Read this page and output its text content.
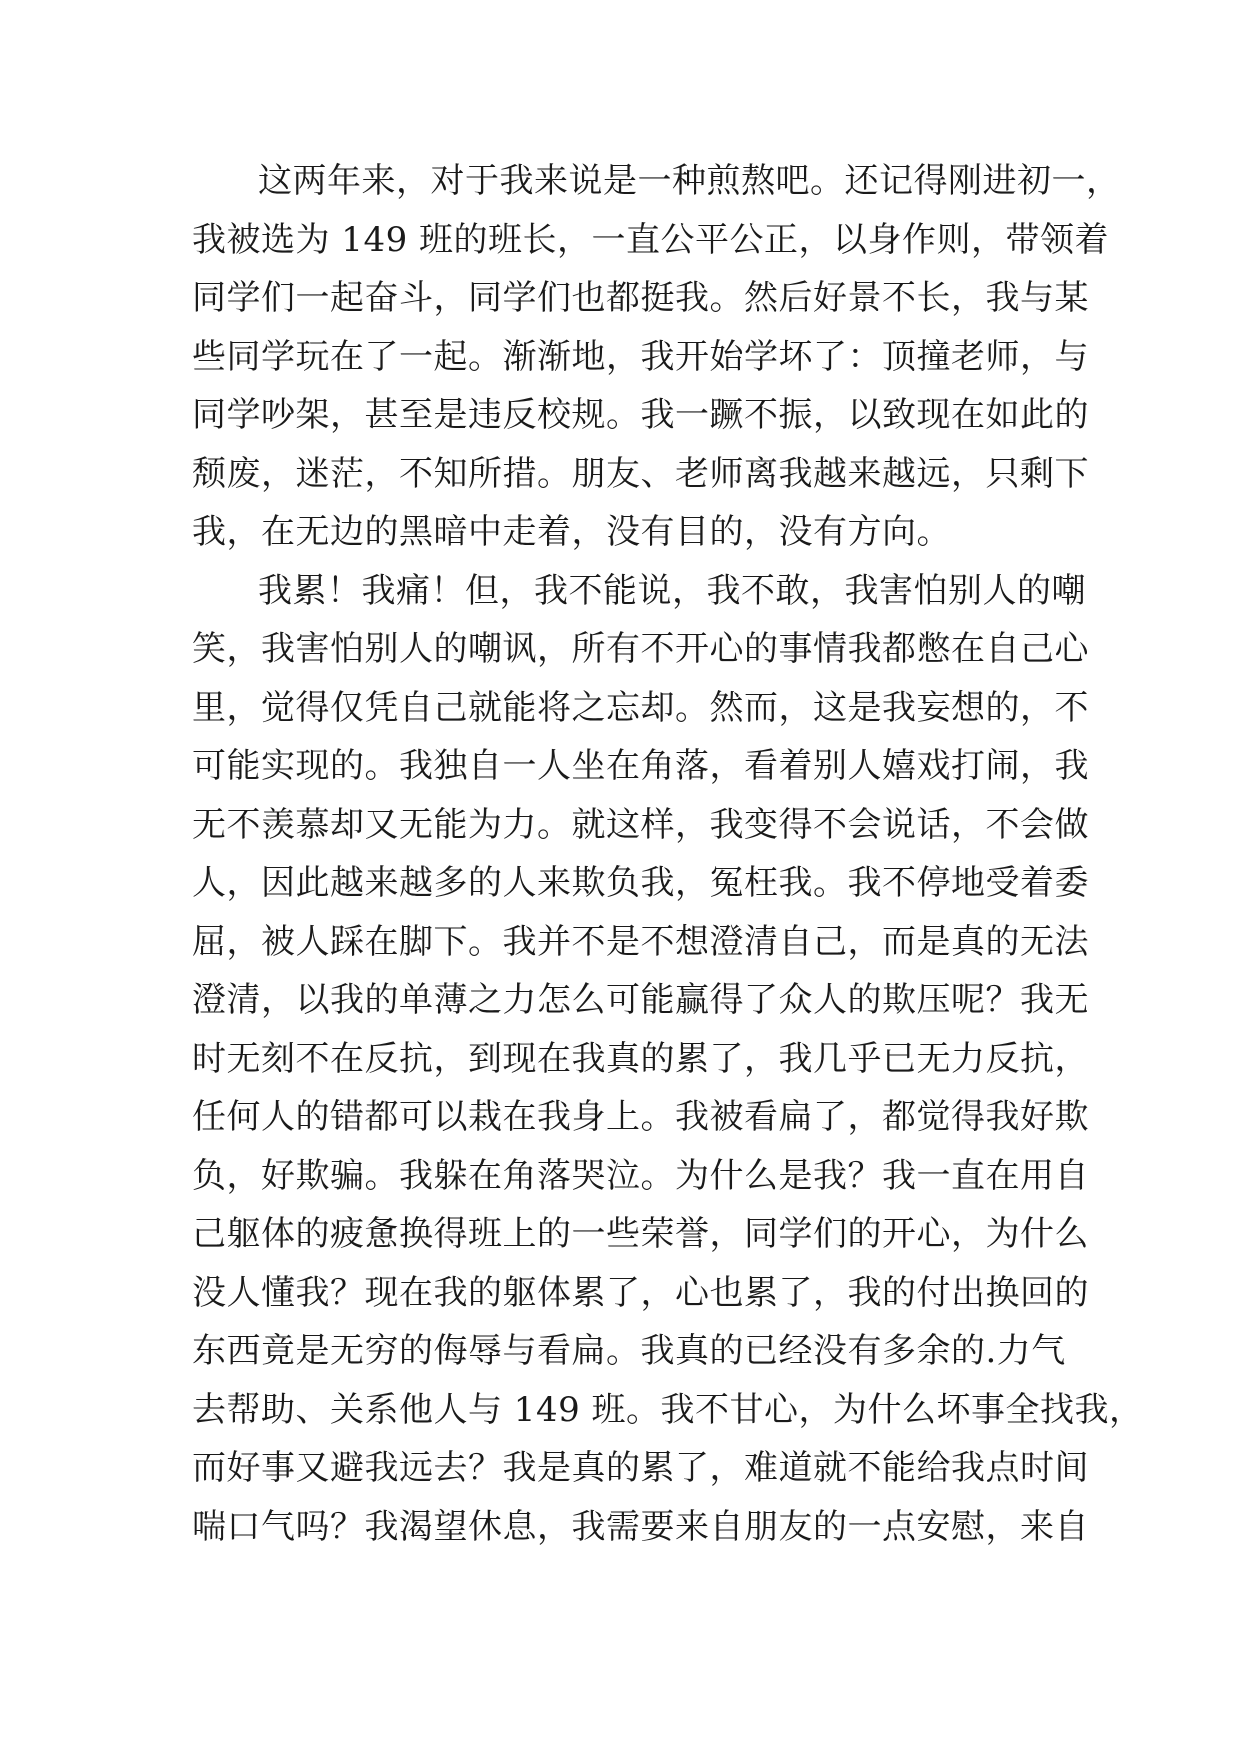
这两年来，对于我来说是一种煎熬吧。还记得刚进初一，
我被选为 149 班的班长，一直公平公正，以身作则，带领着
同学们一起奋斗，同学们也都挺我。然后好景不长，我与某
些同学玩在了一起。渐渐地，我开始学坏了：顶撞老师，与
同学吵架，甚至是违反校规。我一蹶不振，以致现在如此的
颓废，迷茫，不知所措。朋友、老师离我越来越远，只剩下
我，在无边的黑暗中走着，没有目的，没有方向。
我累！我痛！但，我不能说，我不敢，我害怕别人的嘲
笑，我害怕别人的嘲讽，所有不开心的事情我都憋在自己心
里，觉得仅凭自己就能将之忘却。然而，这是我妄想的，不
可能实现的。我独自一人坐在角落，看着别人嬉戏打闹，我
无不羡慕却又无能为力。就这样，我变得不会说话，不会做
人，因此越来越多的人来欺负我，冤枉我。我不停地受着委
屈，被人踩在脚下。我并不是不想澄清自己，而是真的无法
澄清，以我的单薄之力怎么可能赢得了众人的欺压呢？我无
时无刻不在反抗，到现在我真的累了，我几乎已无力反抗，
任何人的错都可以栽在我身上。我被看扁了，都觉得我好欺
负，好欺骗。我躲在角落哭泣。为什么是我？我一直在用自
己躯体的疲惫换得班上的一些荣誉，同学们的开心，为什么
没人懂我？现在我的躯体累了，心也累了，我的付出换回的
东西竟是无穷的侮辱与看扁。我真的已经没有多余的.力气
去帮助、关系他人与 149 班。我不甘心，为什么坏事全找我，
而好事又避我远去？我是真的累了，难道就不能给我点时间
喘口气吗？我渴望休息，我需要来自朋友的一点安慰，来自
